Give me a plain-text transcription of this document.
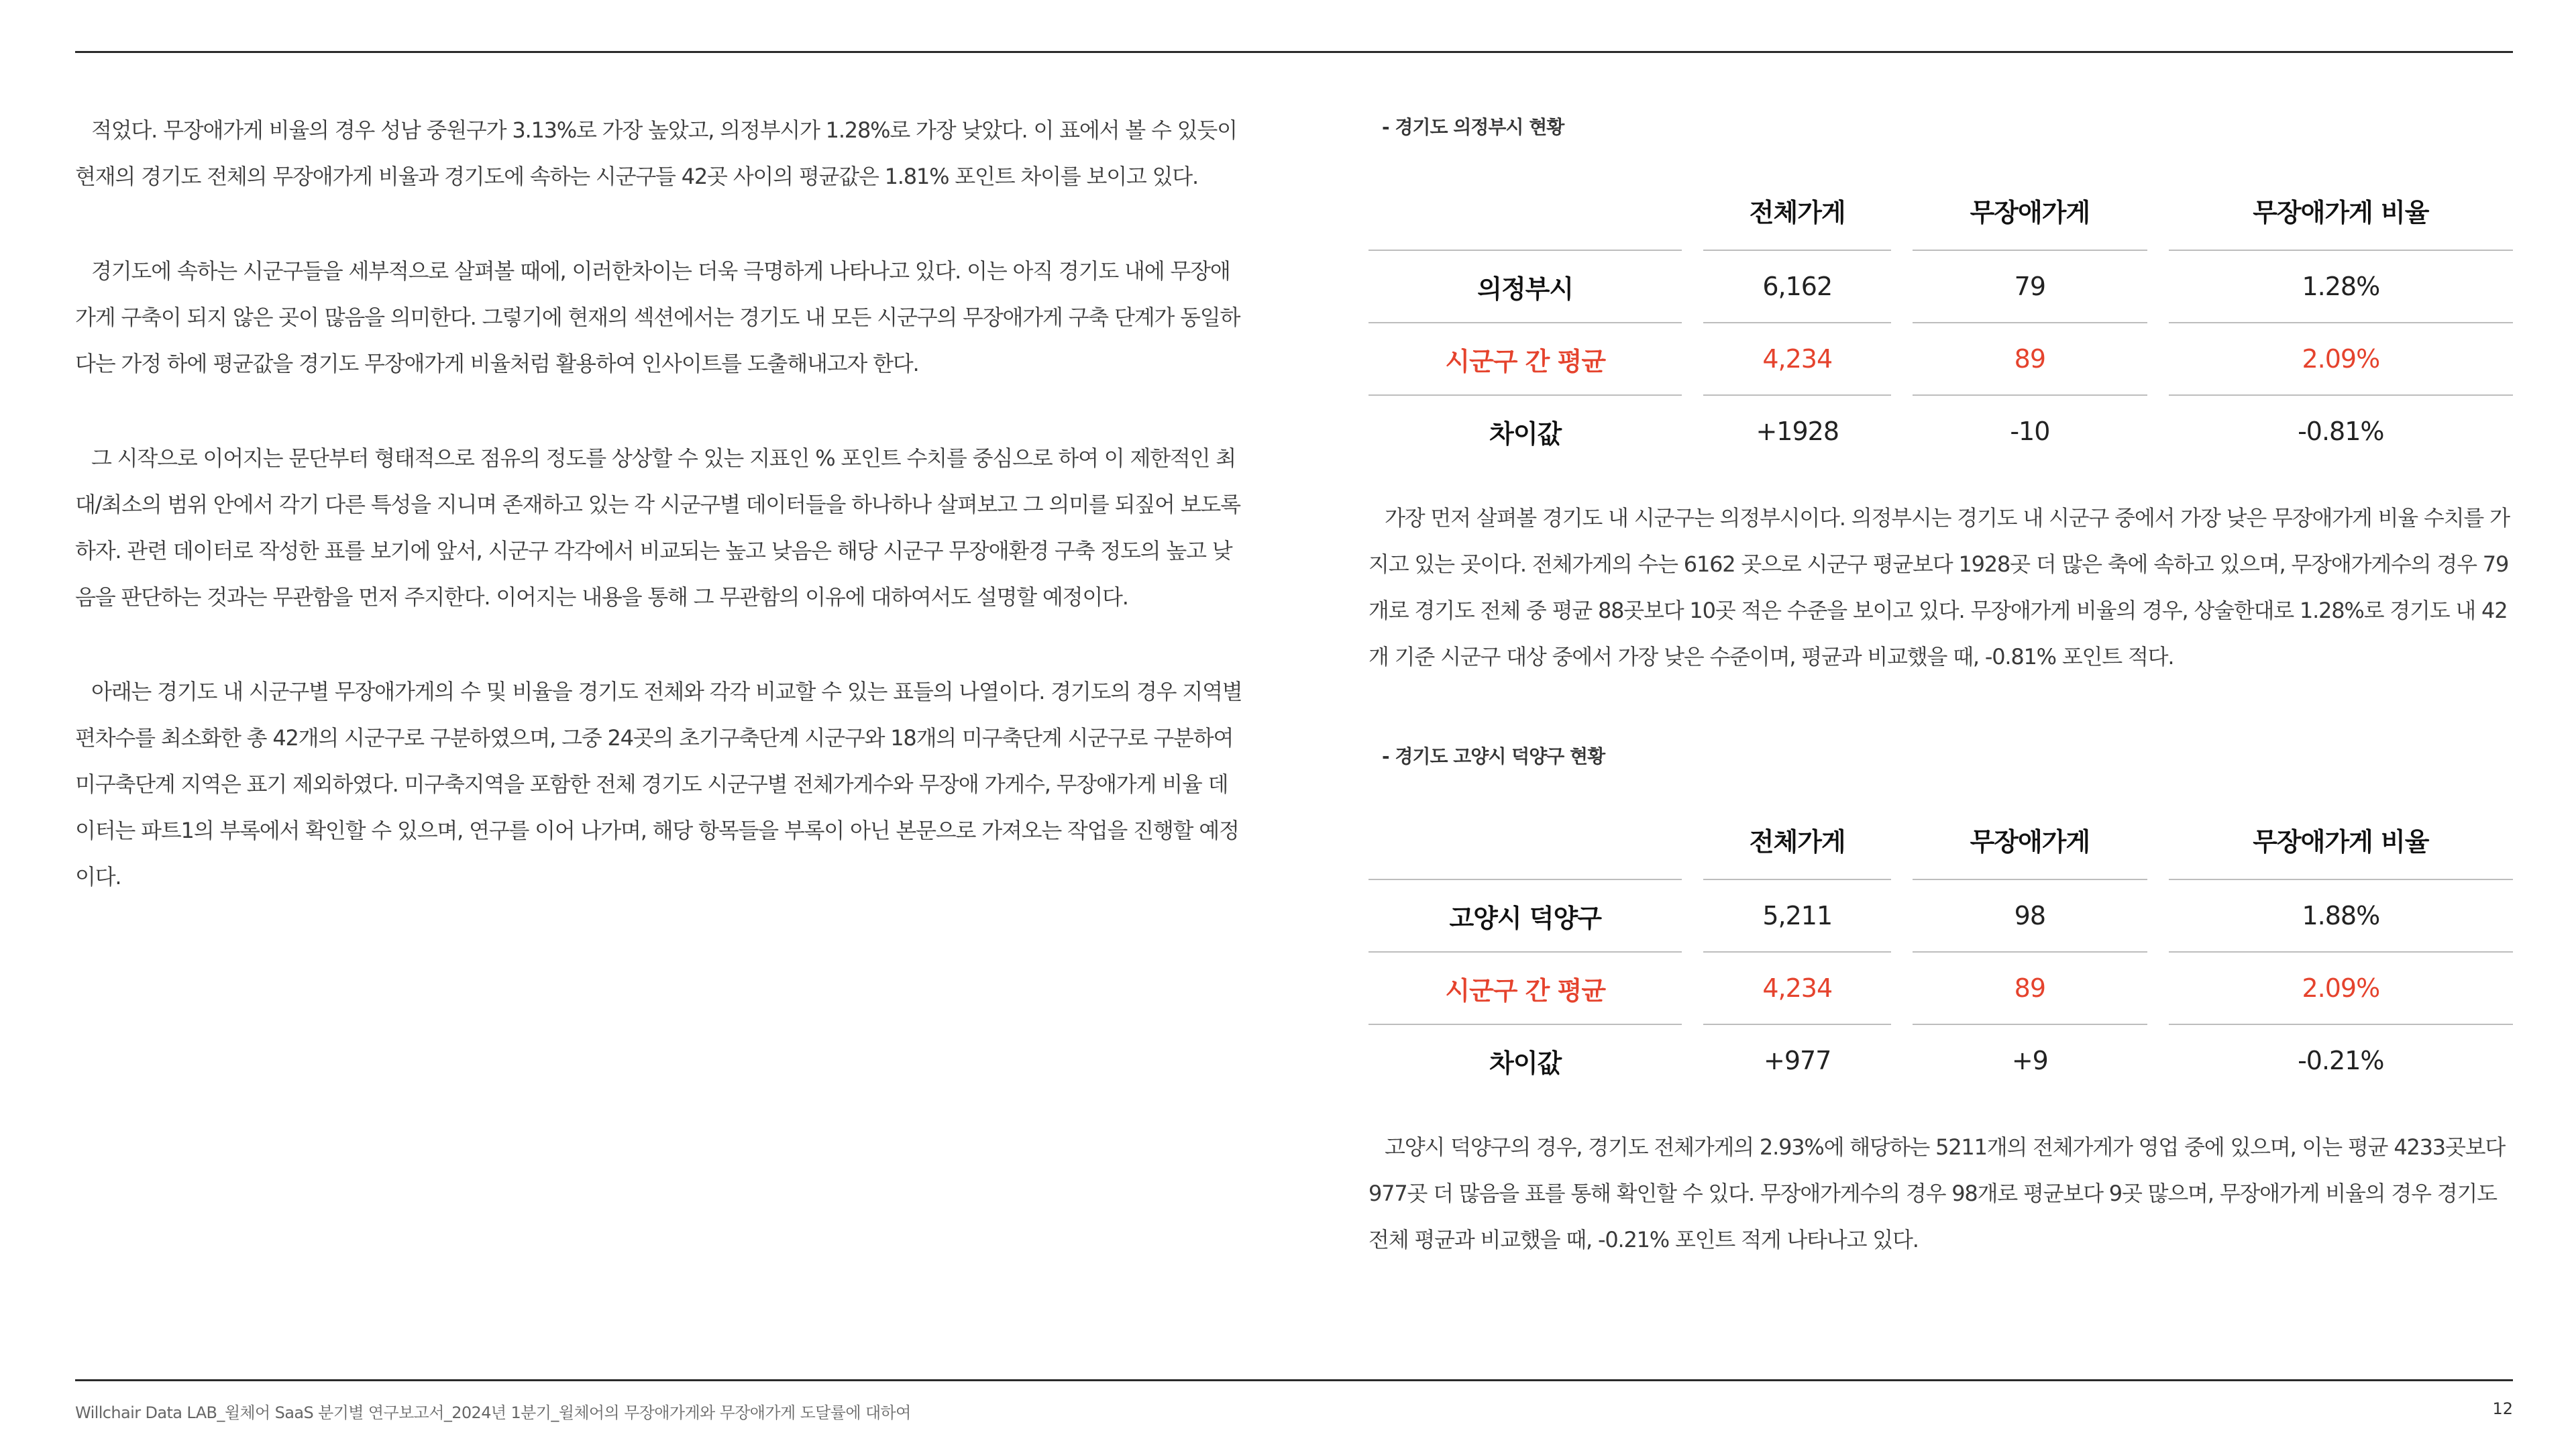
적었다. 무장애가게 비율의 경우 성남 중원구가 3.13%로 가장 높았고, 의정부시가 1.28%로 가장 낮았다. 이 표에서 볼 수 있듯이 현재의 경기도 전체의 무장애가게 비율과 경기도에 속하는 시군구들 42곳 사이의 평균값은 1.81% 포인트 차이를 보이고 있다.

경기도에 속하는 시군구들을 세부적으로 살펴볼 때에, 이러한차이는 더욱 극명하게 나타나고 있다. 이는 아직 경기도 내에 무장애가게 구축이 되지 않은 곳이 많음을 의미한다. 그렇기에 현재의 섹션에서는 경기도 내 모든 시군구의 무장애가게 구축 단계가 동일하다는 가정 하에 평균값을 경기도 무장애가게 비율처럼 활용하여 인사이트를 도출해내고자 한다.

그 시작으로 이어지는 문단부터 형태적으로 점유의 정도를 상상할 수 있는 지표인 % 포인트 수치를 중심으로 하여 이 제한적인 최대/최소의 범위 안에서 각기 다른 특성을 지니며 존재하고 있는 각 시군구별 데이터들을 하나하나 살펴보고 그 의미를 되짚어 보도록 하자. 관련 데이터로 작성한 표를 보기에 앞서, 시군구 각각에서 비교되는 높고 낮음은 해당 시군구 무장애환경 구축 정도의 높고 낮음을 판단하는 것과는 무관함을 먼저 주지한다. 이어지는 내용을 통해 그 무관함의 이유에 대하여서도 설명할 예정이다.

아래는 경기도 내 시군구별 무장애가게의 수 및 비율을 경기도 전체와 각각 비교할 수 있는 표들의 나열이다. 경기도의 경우 지역별 편차수를 최소화한 총 42개의 시군구로 구분하였으며, 그중 24곳의 초기구축단계 시군구와 18개의 미구축단계 시군구로 구분하여 미구축단계 지역은 표기 제외하였다. 미구축지역을 포함한 전체 경기도 시군구별 전체가게수와 무장애 가게수, 무장애가게 비율 데이터는 파트1의 부록에서 확인할 수 있으며, 연구를 이어 나가며, 해당 항목들을 부록이 아닌 본문으로 가져오는 작업을 진행할 예정이다.

- 경기도 의정부시 현황
	전체가게	무장애가게	무장애가게 비율
의정부시	6,162	79	1.28%
시군구 간 평균	4,234	89	2.09%
차이값	+1928	-10	-0.81%

가장 먼저 살펴볼 경기도 내 시군구는 의정부시이다. 의정부시는 경기도 내 시군구 중에서 가장 낮은 무장애가게 비율 수치를 가지고 있는 곳이다. 전체가게의 수는 6162 곳으로 시군구 평균보다 1928곳 더 많은 축에 속하고 있으며, 무장애가게수의 경우 79개로 경기도 전체 중 평균 88곳보다 10곳 적은 수준을 보이고 있다. 무장애가게 비율의 경우, 상술한대로 1.28%로 경기도 내 42개 기준 시군구 대상 중에서 가장 낮은 수준이며, 평균과 비교했을 때, -0.81% 포인트 적다.

- 경기도 고양시 덕양구 현황
	전체가게	무장애가게	무장애가게 비율
고양시 덕양구	5,211	98	1.88%
시군구 간 평균	4,234	89	2.09%
차이값	+977	+9	-0.21%

고양시 덕양구의 경우, 경기도 전체가게의 2.93%에 해당하는 5211개의 전체가게가 영업 중에 있으며, 이는 평균 4233곳보다 977곳 더 많음을 표를 통해 확인할 수 있다. 무장애가게수의 경우 98개로 평균보다 9곳 많으며, 무장애가게 비율의 경우 경기도 전체 평균과 비교했을 때, -0.21% 포인트 적게 나타나고 있다.

Willchair Data LAB_윌체어 SaaS 분기별 연구보고서_2024년 1분기_윌체어의 무장애가게와 무장애가게 도달률에 대하여	12
